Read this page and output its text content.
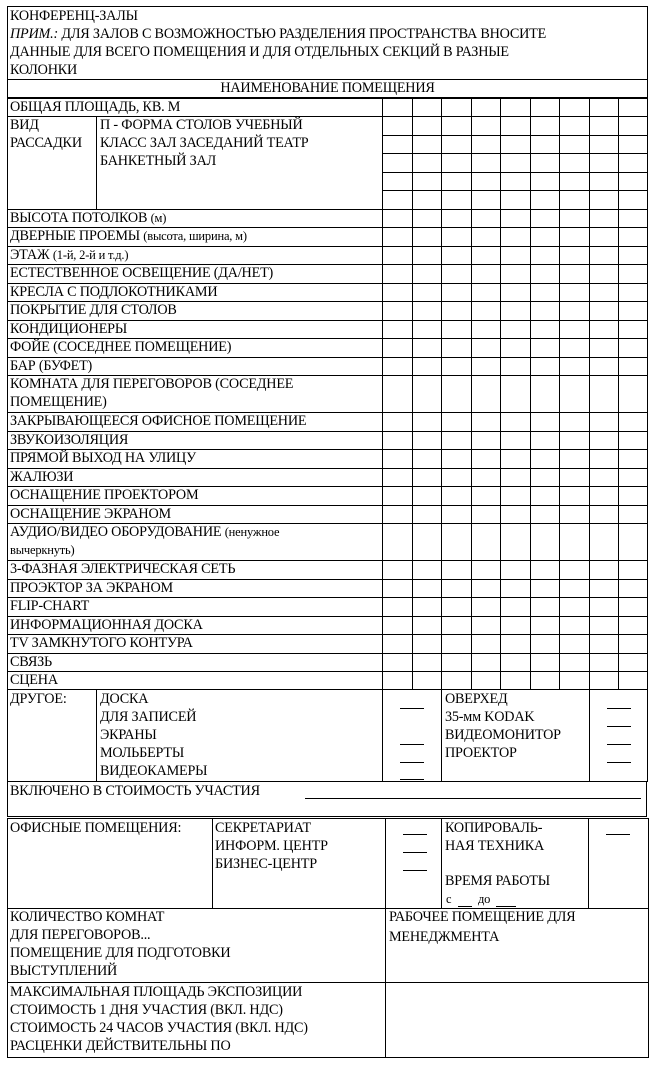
КОНФЕРЕНЦ-ЗАЛЫ
ПРИМ.: ДЛЯ ЗАЛОВ С ВОЗМОЖНОСТЬЮ РАЗДЕЛЕНИЯ ПРОСТРАНСТВА ВНОСИТЕ
ДАННЫЕ ДЛЯ ВСЕГО ПОМЕЩЕНИЯ И ДЛЯ ОТДЕЛЬНЫХ СЕКЦИЙ В РАЗНЫЕ
КОЛОНКИ
НАИМЕНОВАНИЕ ПОМЕЩЕНИЯ
ОБЩАЯ ПЛОЩАДЬ, КВ. М
ВИД
РАССАДКИ
П - ФОРМА СТОЛОВ УЧЕБНЫЙ
КЛАСС ЗАЛ ЗАСЕДАНИЙ ТЕАТР
БАНКЕТНЫЙ ЗАЛ
ВЫСОТА ПОТОЛКОВ (м)
ДВЕРНЫЕ ПРОЕМЫ (высота, ширина, м)
ЭТАЖ (1-й, 2-й и т.д.)
ЕСТЕСТВЕННОЕ ОСВЕЩЕНИЕ (ДА/НЕТ)
КРЕСЛА С ПОДЛОКОТНИКАМИ
ПОКРЫТИЕ ДЛЯ СТОЛОВ
КОНДИЦИОНЕРЫ
ФОЙЕ (СОСЕДНЕЕ ПОМЕЩЕНИЕ)
БАР (БУФЕТ)
КОМНАТА ДЛЯ ПЕРЕГОВОРОВ (СОСЕДНЕЕ
ПОМЕЩЕНИЕ)
ЗАКРЫВАЮЩЕЕСЯ ОФИСНОЕ ПОМЕЩЕНИЕ
ЗВУКОИЗОЛЯЦИЯ
ПРЯМОЙ ВЫХОД НА УЛИЦУ
ЖАЛЮЗИ
ОСНАЩЕНИЕ ПРОЕКТОРОМ
ОСНАЩЕНИЕ ЭКРАНОМ
АУДИО/ВИДЕО ОБОРУДОВАНИЕ (ненужное
вычеркнуть)
3-ФАЗНАЯ ЭЛЕКТРИЧЕСКАЯ СЕТЬ
ПРОЭКТОР ЗА ЭКРАНОМ
FLIP-CHART
ИНФОРМАЦИОННАЯ ДОСКА
TV ЗАМКНУТОГО КОНТУРА
СВЯЗЬ
СЦЕНА
ДРУГОЕ: ДОСКА
ДЛЯ ЗАПИСЕЙ
ЭКРАНЫ
МОЛЬБЕРТЫ
ВИДЕОКАМЕРЫ
ОВЕРХЕД
35-мм KODAK
ВИДЕОМОНИТОР
ПРОЕКТОР
ВКЛЮЧЕНО В СТОИМОСТЬ УЧАСТИЯ
ОФИСНЫЕ ПОМЕЩЕНИЯ: СЕКРЕТАРИАТ
ИНФОРМ. ЦЕНТР
БИЗНЕС-ЦЕНТР
КОПИРОВАЛЬ-
НАЯ ТЕХНИКА
ВРЕМЯ РАБОТЫ
с до
КОЛИЧЕСТВО КОМНАТ
ДЛЯ ПЕРЕГОВОРОВ...
ПОМЕЩЕНИЕ ДЛЯ ПОДГОТОВКИ
ВЫСТУПЛЕНИЙ
РАБОЧЕЕ ПОМЕЩЕНИЕ ДЛЯ
МЕНЕДЖМЕНТА
МАКСИМАЛЬНАЯ ПЛОЩАДЬ ЭКСПОЗИЦИИ
СТОИМОСТЬ 1 ДНЯ УЧАСТИЯ (ВКЛ. НДС)
СТОИМОСТЬ 24 ЧАСОВ УЧАСТИЯ (ВКЛ. НДС)
РАСЦЕНКИ ДЕЙСТВИТЕЛЬНЫ ПО
